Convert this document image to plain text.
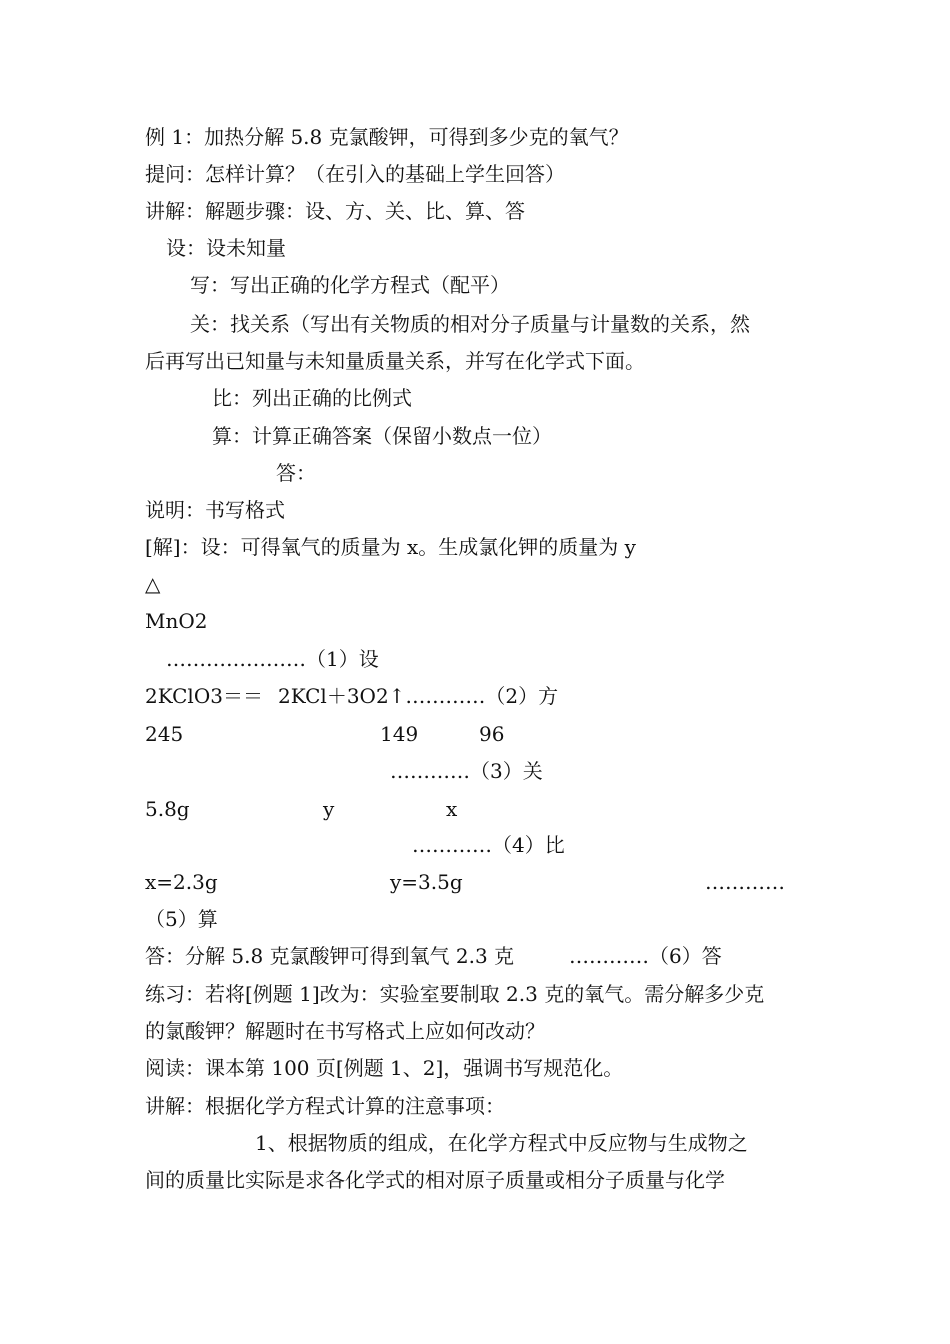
例 1：加热分解 5.8 克氯酸钾，可得到多少克的氧气？
提问：怎样计算？（在引入的基础上学生回答）
讲解：解题步骤：设、方、关、比、算、答
设：设未知量
写：写出正确的化学方程式（配平）
关：找关系（写出有关物质的相对分子质量与计量数的关系，然
后再写出已知量与未知量质量关系，并写在化学式下面。
比：列出正确的比例式
算：计算正确答案（保留小数点一位）
答：
说明：书写格式
[解]：设：可得氧气的质量为 x。生成氯化钾的质量为 y
△
MnO2
…………………（1）设
2KClO3＝＝ 2KCl＋3O2↑…………（2）方
245	149	96
…………（3）关
5.8g	y	x
…………（4）比
x=2.3g	y=3.5g	…………
（5）算
答：分解 5.8 克氯酸钾可得到氧气 2.3 克	…………（6）答
练习：若将[例题 1]改为：实验室要制取 2.3 克的氧气。需分解多少克
的氯酸钾？解题时在书写格式上应如何改动？
阅读：课本第 100 页[例题 1、2]，强调书写规范化。
讲解：根据化学方程式计算的注意事项：
1、根据物质的组成，在化学方程式中反应物与生成物之
间的质量比实际是求各化学式的相对原子质量或相分子质量与化学
